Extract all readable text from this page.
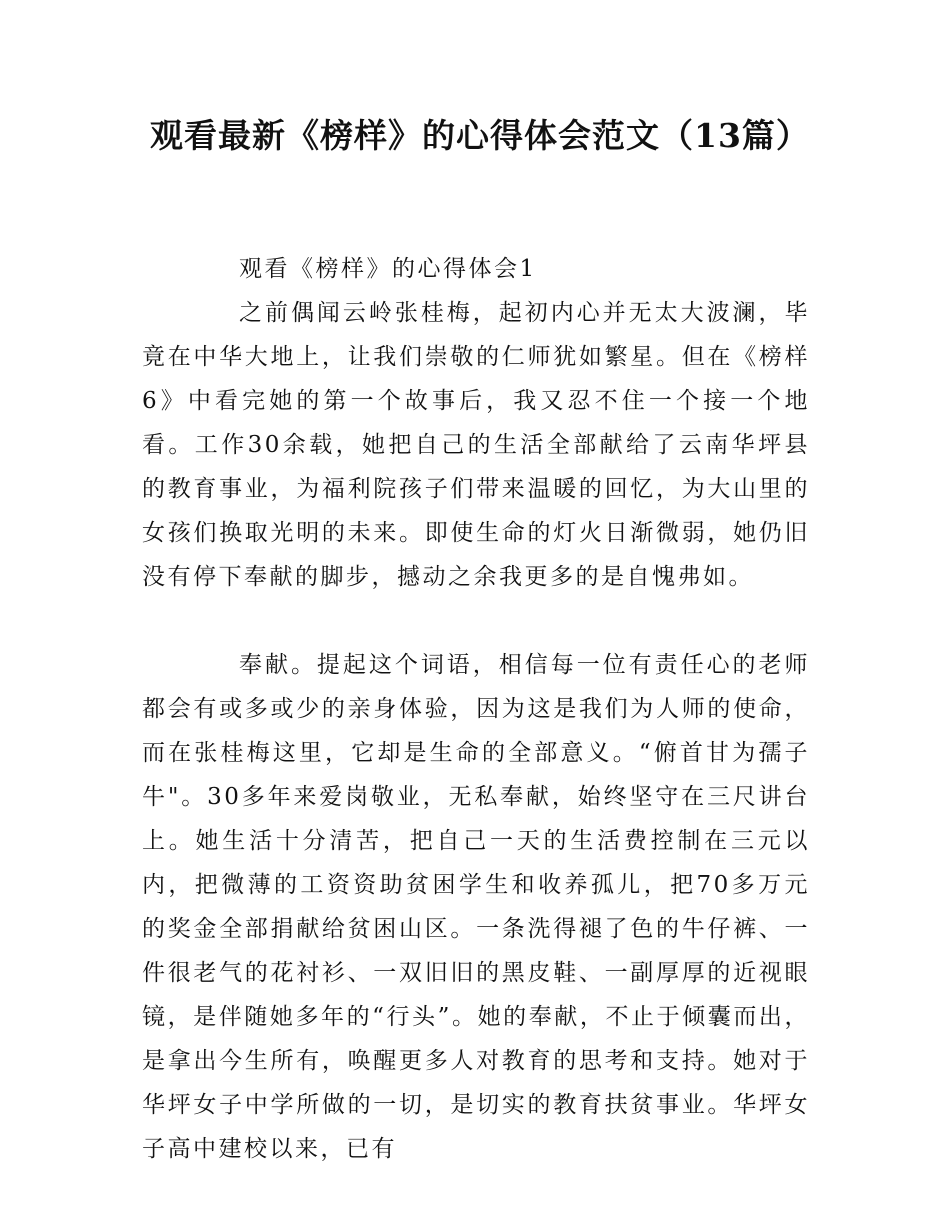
观看最新《榜样》的心得体会范文（13篇）

观看《榜样》的心得体会1

之前偶闻云岭张桂梅，起初内心并无太大波澜，毕竟在中华大地上，让我们崇敬的仁师犹如繁星。但在《榜样6》中看完她的第一个故事后，我又忍不住一个接一个地看。工作30余载，她把自己的生活全部献给了云南华坪县的教育事业，为福利院孩子们带来温暖的回忆，为大山里的女孩们换取光明的未来。即使生命的灯火日渐微弱，她仍旧没有停下奉献的脚步，撼动之余我更多的是自愧弗如。

奉献。提起这个词语，相信每一位有责任心的老师都会有或多或少的亲身体验，因为这是我们为人师的使命，而在张桂梅这里，它却是生命的全部意义。“俯首甘为孺子牛"。30多年来爱岗敬业，无私奉献，始终坚守在三尺讲台上。她生活十分清苦，把自己一天的生活费控制在三元以内，把微薄的工资资助贫困学生和收养孤儿，把70多万元的奖金全部捐献给贫困山区。一条洗得褪了色的牛仔裤、一件很老气的花衬衫、一双旧旧的黑皮鞋、一副厚厚的近视眼镜，是伴随她多年的“行头”。她的奉献，不止于倾囊而出，是拿出今生所有，唤醒更多人对教育的思考和支持。她对于华坪女子中学所做的一切，是切实的教育扶贫事业。华坪女子高中建校以来，已有
